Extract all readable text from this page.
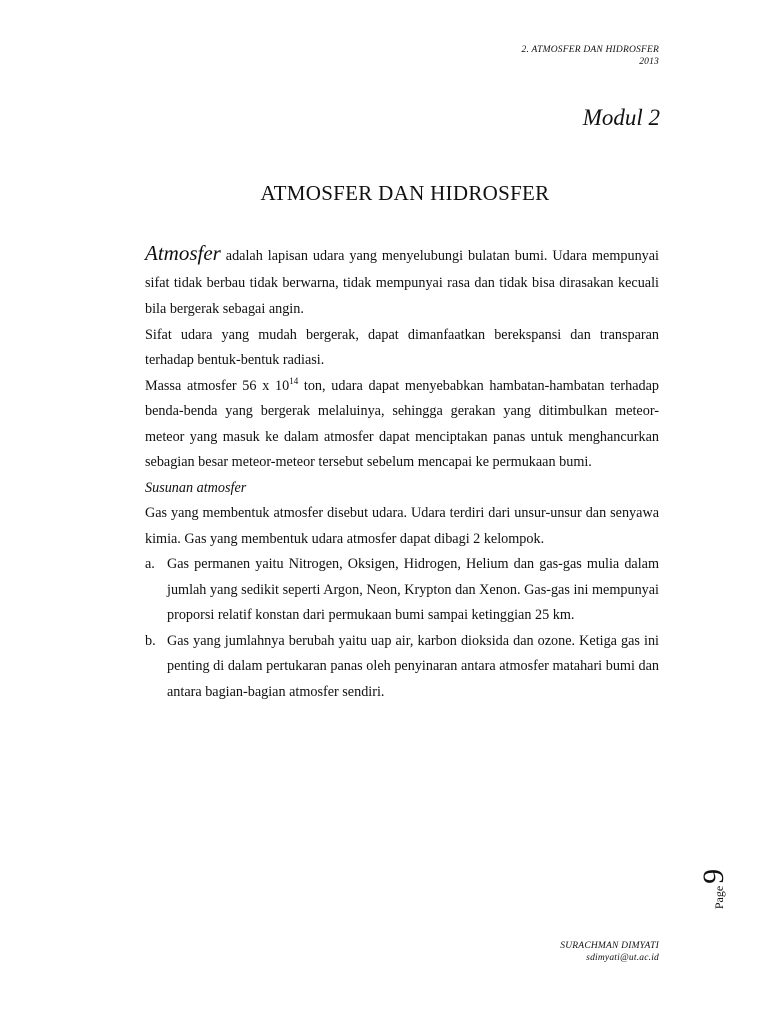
2. ATMOSFER DAN HIDROSFER
2013
Modul 2
ATMOSFER DAN HIDROSFER

Atmosfer adalah lapisan udara yang menyelubungi bulatan bumi. Udara mempunyai sifat tidak berbau tidak berwarna, tidak mempunyai rasa dan tidak bisa dirasakan kecuali bila bergerak sebagai angin.

Sifat udara yang mudah bergerak, dapat dimanfaatkan berekspansi dan transparan terhadap bentuk-bentuk radiasi.

Massa atmosfer 56 x $10^{14}$ ton, udara dapat menyebabkan hambatan-hambatan terhadap benda-benda yang bergerak melaluinya, sehingga gerakan yang ditimbulkan meteor-meteor yang masuk ke dalam atmosfer dapat menciptakan panas untuk menghancurkan sebagian besar meteor-meteor tersebut sebelum mencapai ke permukaan bumi.

Susunan atmosfer

Gas yang membentuk atmosfer disebut udara. Udara terdiri dari unsur-unsur dan senyawa kimia. Gas yang membentuk udara atmosfer dapat dibagi 2 kelompok.

a. Gas permanen yaitu Nitrogen, Oksigen, Hidrogen, Helium dan gas-gas mulia dalam jumlah yang sedikit seperti Argon, Neon, Krypton dan Xenon. Gas-gas ini mempunyai proporsi relatif konstan dari permukaan bumi sampai ketinggian 25 km.
b. Gas yang jumlahnya berubah yaitu uap air, karbon dioksida dan ozone. Ketiga gas ini penting di dalam pertukaran panas oleh penyinaran antara atmosfer matahari bumi dan antara bagian-bagian atmosfer sendiri.
Page
9
SURACHMAN DIMYATI
sdimyati@ut.ac.id
